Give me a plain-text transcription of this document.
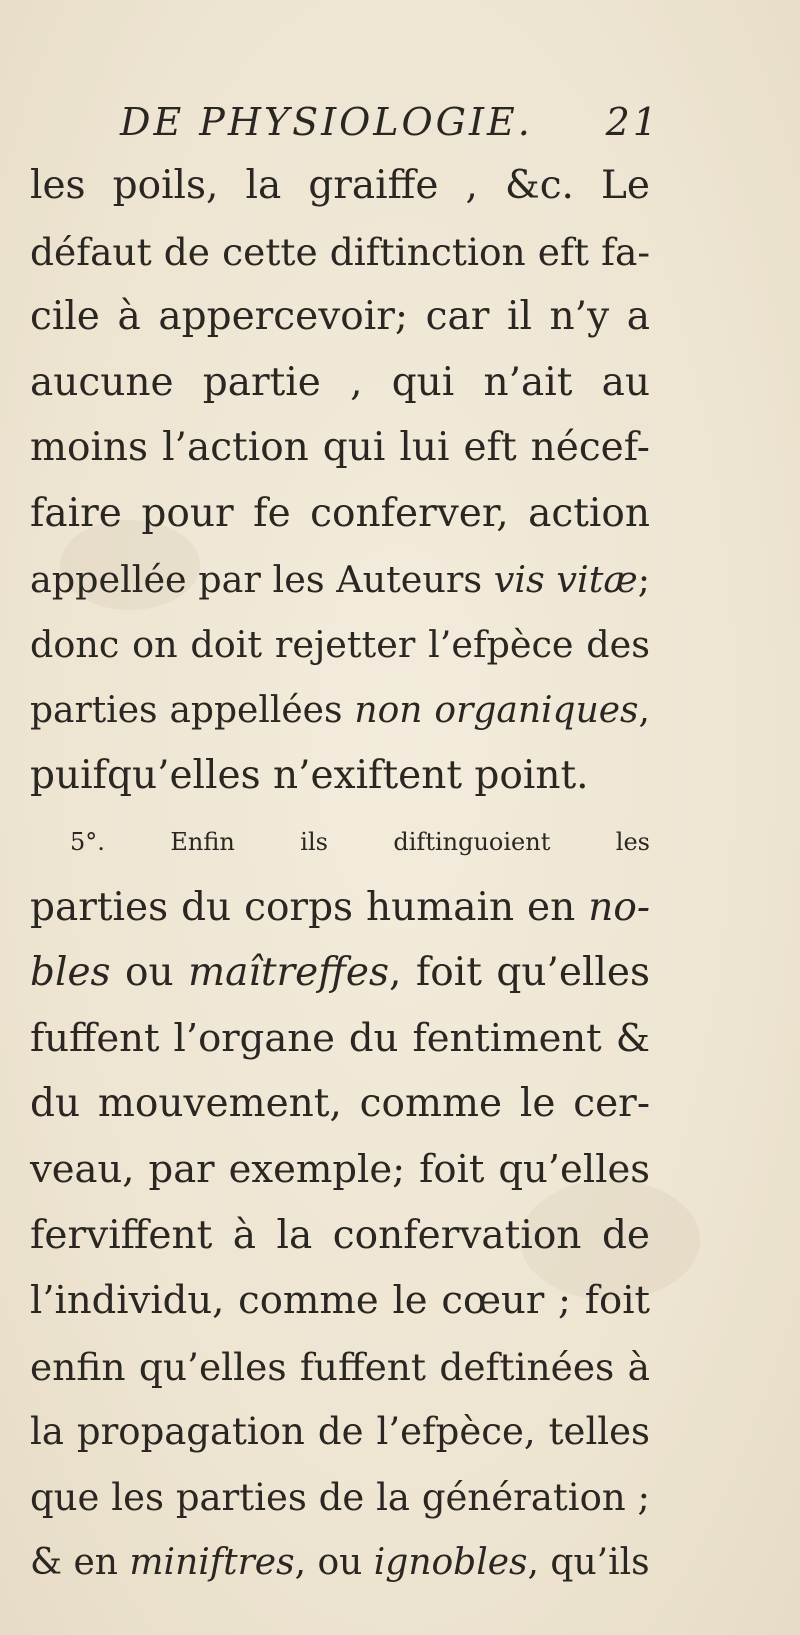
DE PHYSIOLOGIE. 21
les poils, la graiffe , &c. Le
défaut de cette diftinction eft fa-
cile à appercevoir; car il n’y a
aucune partie , qui n’ait au
moins l’action qui lui eft nécef-
faire pour fe conferver, action
appellée par les Auteurs vis vitæ;
donc on doit rejetter l’efpèce des
parties appellées non organiques,
puifqu’elles n’exiftent point.
5°. Enfin ils diftinguoient les
parties du corps humain en no-
bles ou maîtreffes, foit qu’elles
fuffent l’organe du fentiment &
du mouvement, comme le cer-
veau, par exemple; foit qu’elles
ferviffent à la confervation de
l’individu, comme le cœur ; foit
enfin qu’elles fuffent deftinées à
la propagation de l’efpèce, telles
que les parties de la génération ;
& en miniftres, ou ignobles, qu’ils
